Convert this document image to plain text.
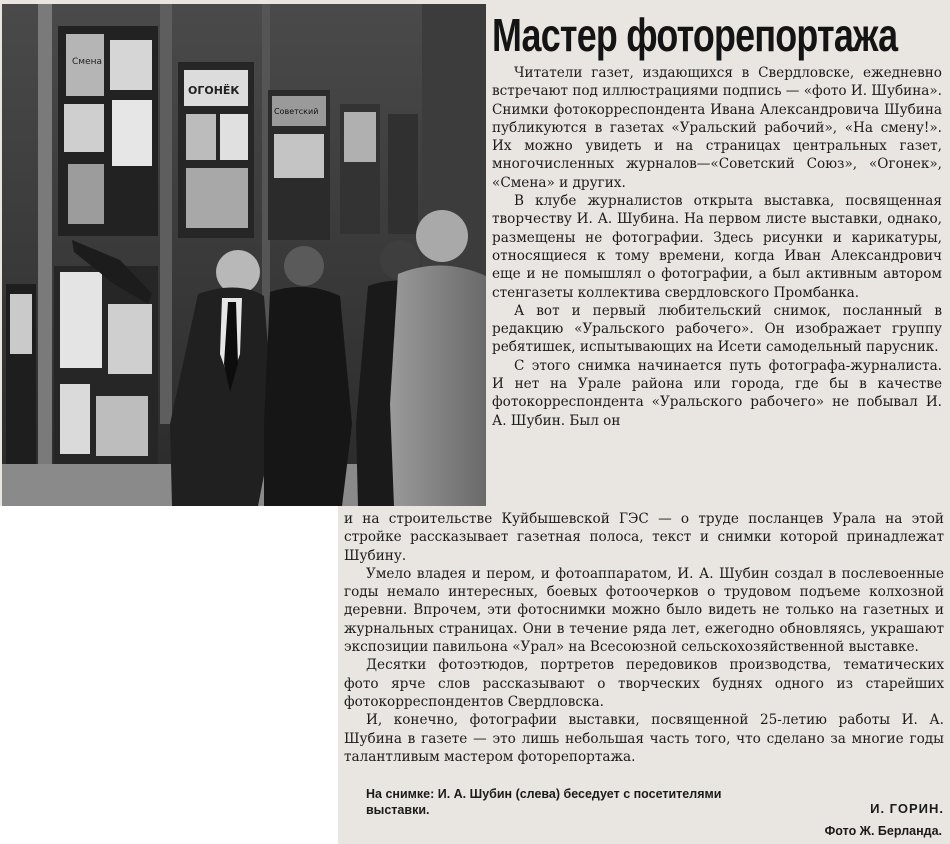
Смена
ОГОНЁК
Советский
Мастер фоторепортажа

Читатели газет, издающихся в Свердловске, ежедневно встречают под иллюстрациями подпись — «фото И. Шубина». Снимки фотокорреспондента Ивана Александровича Шубина публикуются в газетах «Уральский рабочий», «На смену!». Их можно увидеть и на страницах центральных газет, многочисленных журналов—«Советский Союз», «Огонек», «Смена» и других.

В клубе журналистов открыта выставка, посвященная творчеству И. А. Шубина. На первом листе выставки, однако, размещены не фотографии. Здесь рисунки и карикатуры, относящиеся к тому времени, когда Иван Александрович еще и не помышлял о фотографии, а был активным автором стенгазеты коллектива свердловского Промбанка.

А вот и первый любительский снимок, посланный в редакцию «Уральского рабочего». Он изображает группу ребятишек, испытывающих на Исети самодельный парусник.

С этого снимка начинается путь фотографа-журналиста. И нет на Урале района или города, где бы в качестве фотокорреспондента «Уральского рабочего» не побывал И. А. Шубин. Был он

и на строительстве Куйбышевской ГЭС — о труде посланцев Урала на этой стройке рассказывает газетная полоса, текст и снимки которой принадлежат Шубину.

Умело владея и пером, и фотоаппаратом, И. А. Шубин создал в послевоенные годы немало интересных, боевых фотоочерков о трудовом подъеме колхозной деревни. Впрочем, эти фотоснимки можно было видеть не только на газетных и журнальных страницах. Они в течение ряда лет, ежегодно обновляясь, украшают экспозиции павильона «Урал» на Всесоюзной сельскохозяйственной выставке.

Десятки фотоэтюдов, портретов передовиков производства, тематических фото ярче слов рассказывают о творческих буднях одного из старейших фотокорреспондентов Свердловска.

И, конечно, фотографии выставки, посвященной 25-летию работы И. А. Шубина в газете — это лишь небольшая часть того, что сделано за многие годы талантливым мастером фоторепортажа.

На снимке: И. А. Шубин (слева) беседует с посетителями выставки.	И. ГОРИН.
Фото Ж. Берланда.
